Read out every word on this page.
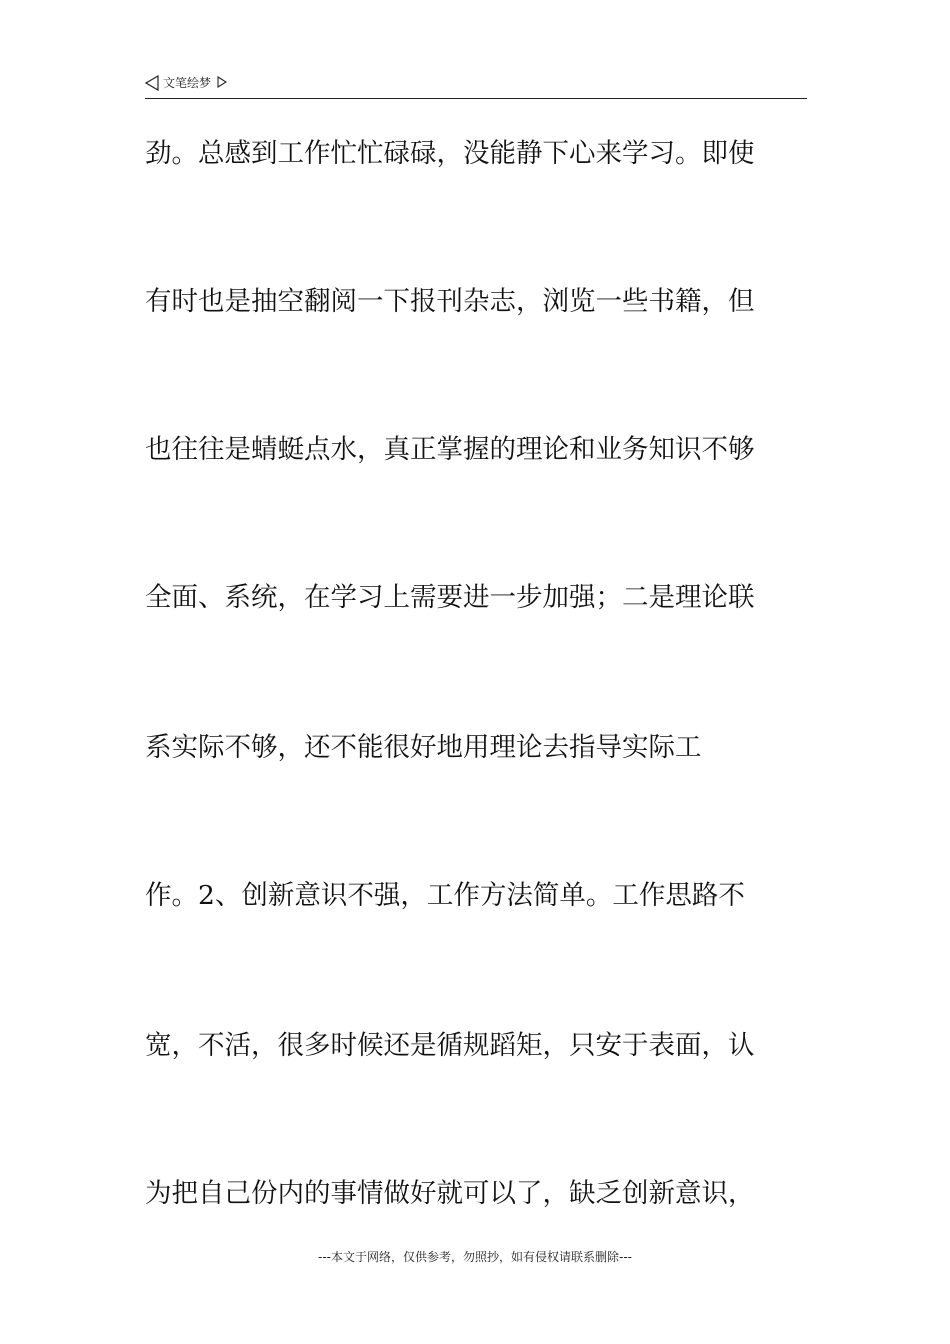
文笔绘梦
劲。总感到工作忙忙碌碌，没能静下心来学习。即使
有时也是抽空翻阅一下报刊杂志，浏览一些书籍，但
也往往是蜻蜓点水，真正掌握的理论和业务知识不够
全面、系统，在学习上需要进一步加强；二是理论联
系实际不够，还不能很好地用理论去指导实际工
作。2、创新意识不强，工作方法简单。工作思路不
宽，不活，很多时候还是循规蹈矩，只安于表面，认
为把自己份内的事情做好就可以了，缺乏创新意识，
---本文于网络，仅供参考，勿照抄，如有侵权请联系删除---
